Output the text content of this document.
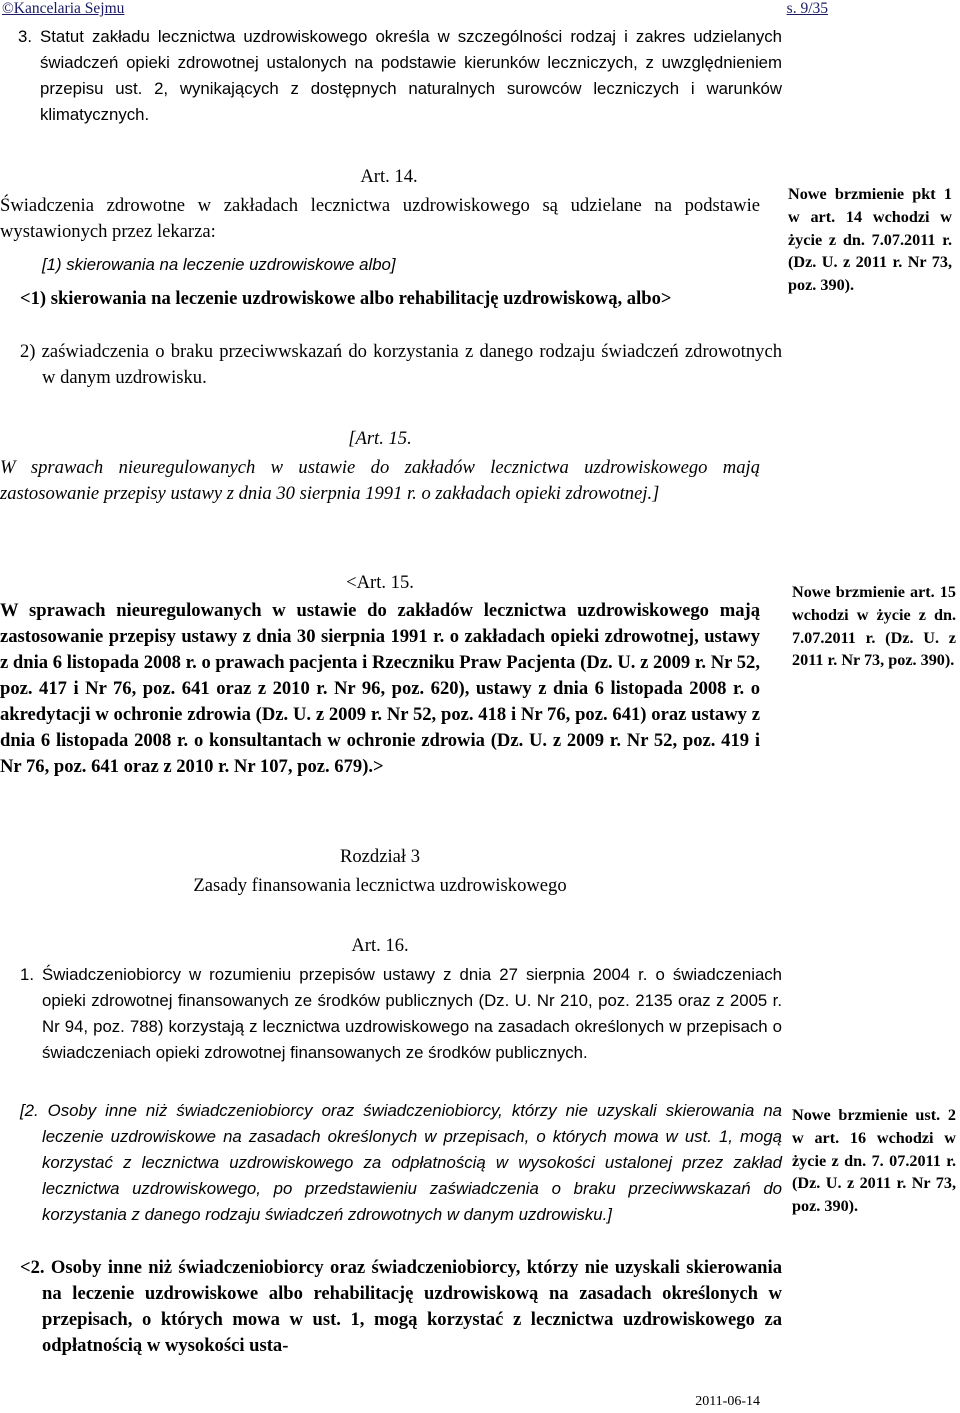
©Kancelaria Sejmu	s. 9/35
3. Statut zakładu lecznictwa uzdrowiskowego określa w szczególności rodzaj i zakres udzielanych świadczeń opieki zdrowotnej ustalonych na podstawie kierunków leczniczych, z uwzględnieniem przepisu ust. 2, wynikających z dostępnych naturalnych surowców leczniczych i warunków klimatycznych.
Art. 14.
Świadczenia zdrowotne w zakładach lecznictwa uzdrowiskowego są udzielane na podstawie wystawionych przez lekarza:
[1) skierowania na leczenie uzdrowiskowe albo]
<1) skierowania na leczenie uzdrowiskowe albo rehabilitację uzdrowiskową, albo>
2) zaświadczenia o braku przeciwwskazań do korzystania z danego rodzaju świadczeń zdrowotnych w danym uzdrowisku.
Nowe brzmienie pkt 1 w art. 14 wchodzi w życie z dn. 7.07.2011 r. (Dz. U. z 2011 r. Nr 73, poz. 390).
[Art. 15.
W sprawach nieuregulowanych w ustawie do zakładów lecznictwa uzdrowiskowego mają zastosowanie przepisy ustawy z dnia 30 sierpnia 1991 r. o zakładach opieki zdrowotnej.]
<Art. 15.
W sprawach nieuregulowanych w ustawie do zakładów lecznictwa uzdrowiskowego mają zastosowanie przepisy ustawy z dnia 30 sierpnia 1991 r. o zakładach opieki zdrowotnej, ustawy z dnia 6 listopada 2008 r. o prawach pacjenta i Rzeczniku Praw Pacjenta (Dz. U. z 2009 r. Nr 52, poz. 417 i Nr 76, poz. 641 oraz z 2010 r. Nr 96, poz. 620), ustawy z dnia 6 listopada 2008 r. o akredytacji w ochronie zdrowia (Dz. U. z 2009 r. Nr 52, poz. 418 i Nr 76, poz. 641) oraz ustawy z dnia 6 listopada 2008 r. o konsultantach w ochronie zdrowia (Dz. U. z 2009 r. Nr 52, poz. 419 i Nr 76, poz. 641 oraz z 2010 r. Nr 107, poz. 679).>
Nowe brzmienie art. 15 wchodzi w życie z dn. 7.07.2011 r. (Dz. U. z 2011 r. Nr 73, poz. 390).
Rozdział 3
Zasady finansowania lecznictwa uzdrowiskowego
Art. 16.
1. Świadczeniobiorcy w rozumieniu przepisów ustawy z dnia 27 sierpnia 2004 r. o świadczeniach opieki zdrowotnej finansowanych ze środków publicznych (Dz. U. Nr 210, poz. 2135 oraz z 2005 r. Nr 94, poz. 788) korzystają z lecznictwa uzdrowiskowego na zasadach określonych w przepisach o świadczeniach opieki zdrowotnej finansowanych ze środków publicznych.
[2. Osoby inne niż świadczeniobiorcy oraz świadczeniobiorcy, którzy nie uzyskali skierowania na leczenie uzdrowiskowe na zasadach określonych w przepisach, o których mowa w ust. 1, mogą korzystać z lecznictwa uzdrowiskowego za odpłatnością w wysokości ustalonej przez zakład lecznictwa uzdrowiskowego, po przedstawieniu zaświadczenia o braku przeciwwskazań do korzystania z danego rodzaju świadczeń zdrowotnych w danym uzdrowisku.]
<2. Osoby inne niż świadczeniobiorcy oraz świadczeniobiorcy, którzy nie uzyskali skierowania na leczenie uzdrowiskowe albo rehabilitację uzdrowiskową na zasadach określonych w przepisach, o których mowa w ust. 1, mogą korzystać z lecznictwa uzdrowiskowego za odpłatnością w wysokości usta-
Nowe brzmienie ust. 2 w art. 16 wchodzi w życie z dn. 7. 07.2011 r. (Dz. U. z 2011 r. Nr 73, poz. 390).
2011-06-14
